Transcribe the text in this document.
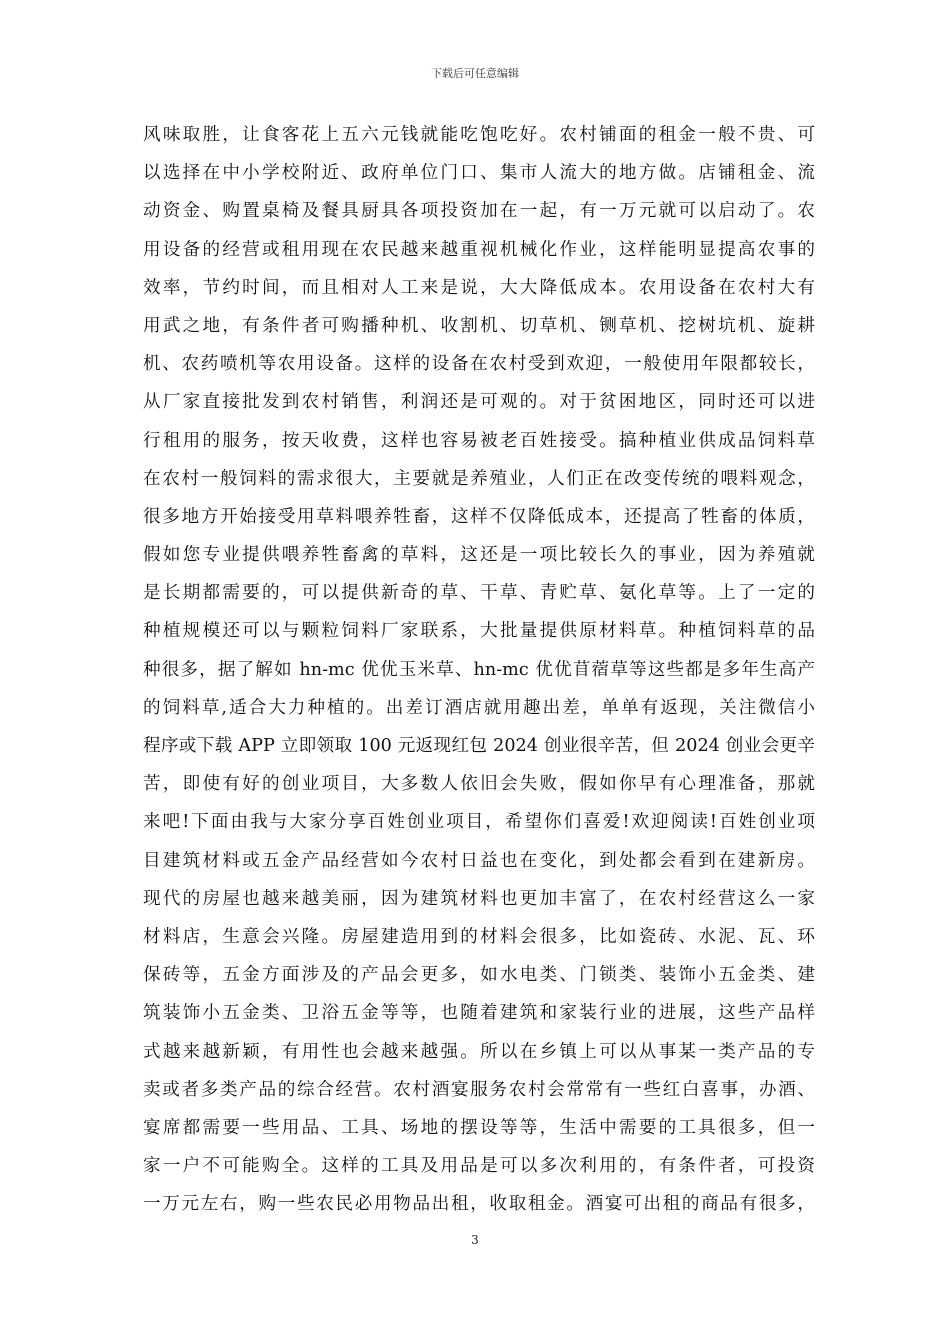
下载后可任意编辑
风味取胜，让食客花上五六元钱就能吃饱吃好。农村铺面的租金一般不贵、可
以选择在中小学校附近、政府单位门口、集市人流大的地方做。店铺租金、流
动资金、购置桌椅及餐具厨具各项投资加在一起，有一万元就可以启动了。农
用设备的经营或租用现在农民越来越重视机械化作业，这样能明显提高农事的
效率，节约时间，而且相对人工来是说，大大降低成本。农用设备在农村大有
用武之地，有条件者可购播种机、收割机、切草机、铡草机、挖树坑机、旋耕
机、农药喷机等农用设备。这样的设备在农村受到欢迎，一般使用年限都较长，
从厂家直接批发到农村销售，利润还是可观的。对于贫困地区，同时还可以进
行租用的服务，按天收费，这样也容易被老百姓接受。搞种植业供成品饲料草
在农村一般饲料的需求很大，主要就是养殖业，人们正在改变传统的喂料观念，
很多地方开始接受用草料喂养牲畜，这样不仅降低成本，还提高了牲畜的体质，
假如您专业提供喂养牲畜禽的草料，这还是一项比较长久的事业，因为养殖就
是长期都需要的，可以提供新奇的草、干草、青贮草、氨化草等。上了一定的
种植规模还可以与颗粒饲料厂家联系，大批量提供原材料草。种植饲料草的品
种很多，据了解如 hn-mc 优优玉米草、hn-mc 优优苜蓿草等这些都是多年生高产
的饲料草,适合大力种植的。出差订酒店就用趣出差，单单有返现，关注微信小
程序或下载 APP 立即领取 100 元返现红包 2024 创业很辛苦，但 2024 创业会更辛
苦，即使有好的创业项目，大多数人依旧会失败，假如你早有心理准备，那就
来吧!下面由我与大家分享百姓创业项目，希望你们喜爱!欢迎阅读!百姓创业项
目建筑材料或五金产品经营如今农村日益也在变化，到处都会看到在建新房。
现代的房屋也越来越美丽，因为建筑材料也更加丰富了，在农村经营这么一家
材料店，生意会兴隆。房屋建造用到的材料会很多，比如瓷砖、水泥、瓦、环
保砖等，五金方面涉及的产品会更多，如水电类、门锁类、装饰小五金类、建
筑装饰小五金类、卫浴五金等等，也随着建筑和家装行业的进展，这些产品样
式越来越新颖，有用性也会越来越强。所以在乡镇上可以从事某一类产品的专
卖或者多类产品的综合经营。农村酒宴服务农村会常常有一些红白喜事，办酒、
宴席都需要一些用品、工具、场地的摆设等等，生活中需要的工具很多，但一
家一户不可能购全。这样的工具及用品是可以多次利用的，有条件者，可投资
一万元左右，购一些农民必用物品出租，收取租金。酒宴可出租的商品有很多，
3
